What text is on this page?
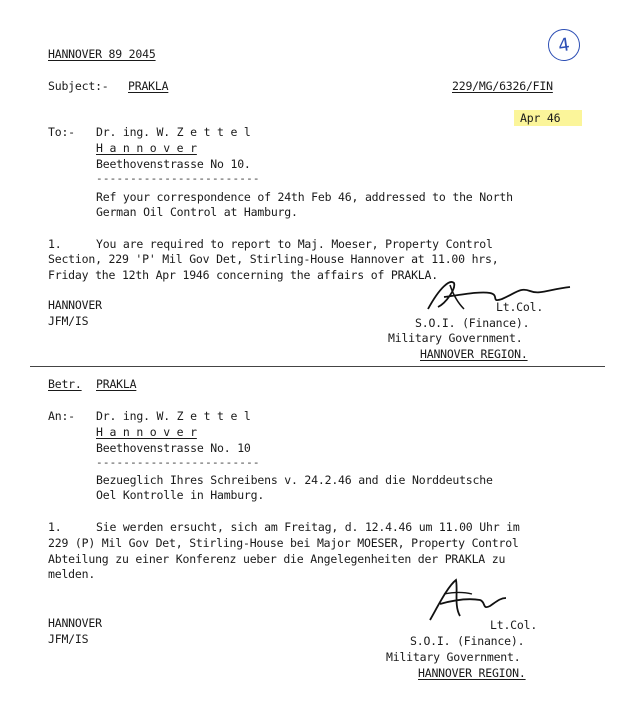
HANNOVER 89 2045	4
Subject:- PRAKLA	229/MG/6326/FIN
Apr 46
To:- Dr. ing. W. Z e t t e l
H a n n o v e r
Beethovenstrasse No 10.
------------------------
Ref your correspondence of 24th Feb 46, addressed to the North
German Oil Control at Hamburg.
1.	You are required to report to Maj. Moeser, Property Control
Section, 229 'P' Mil Gov Det, Stirling-House Hannover at 11.00 hrs,
Friday the 12th Apr 1946 concerning the affairs of PRAKLA.
HANNOVER
JFM/IS
Lt.Col.
S.O.I. (Finance).
Military Government.
HANNOVER REGION.
Betr. PRAKLA
An:- Dr. ing. W. Z e t t e l
H a n n o v e r
Beethovenstrasse No. 10
------------------------
Bezueglich Ihres Schreibens v. 24.2.46 and die Norddeutsche
Oel Kontrolle in Hamburg.
1.	Sie werden ersucht, sich am Freitag, d. 12.4.46 um 11.00 Uhr im
229 (P) Mil Gov Det, Stirling-House bei Major MOESER, Property Control
Abteilung zu einer Konferenz ueber die Angelegenheiten der PRAKLA zu
melden.
HANNOVER
JFM/IS
Lt.Col.
S.O.I. (Finance).
Military Government.
HANNOVER REGION.
